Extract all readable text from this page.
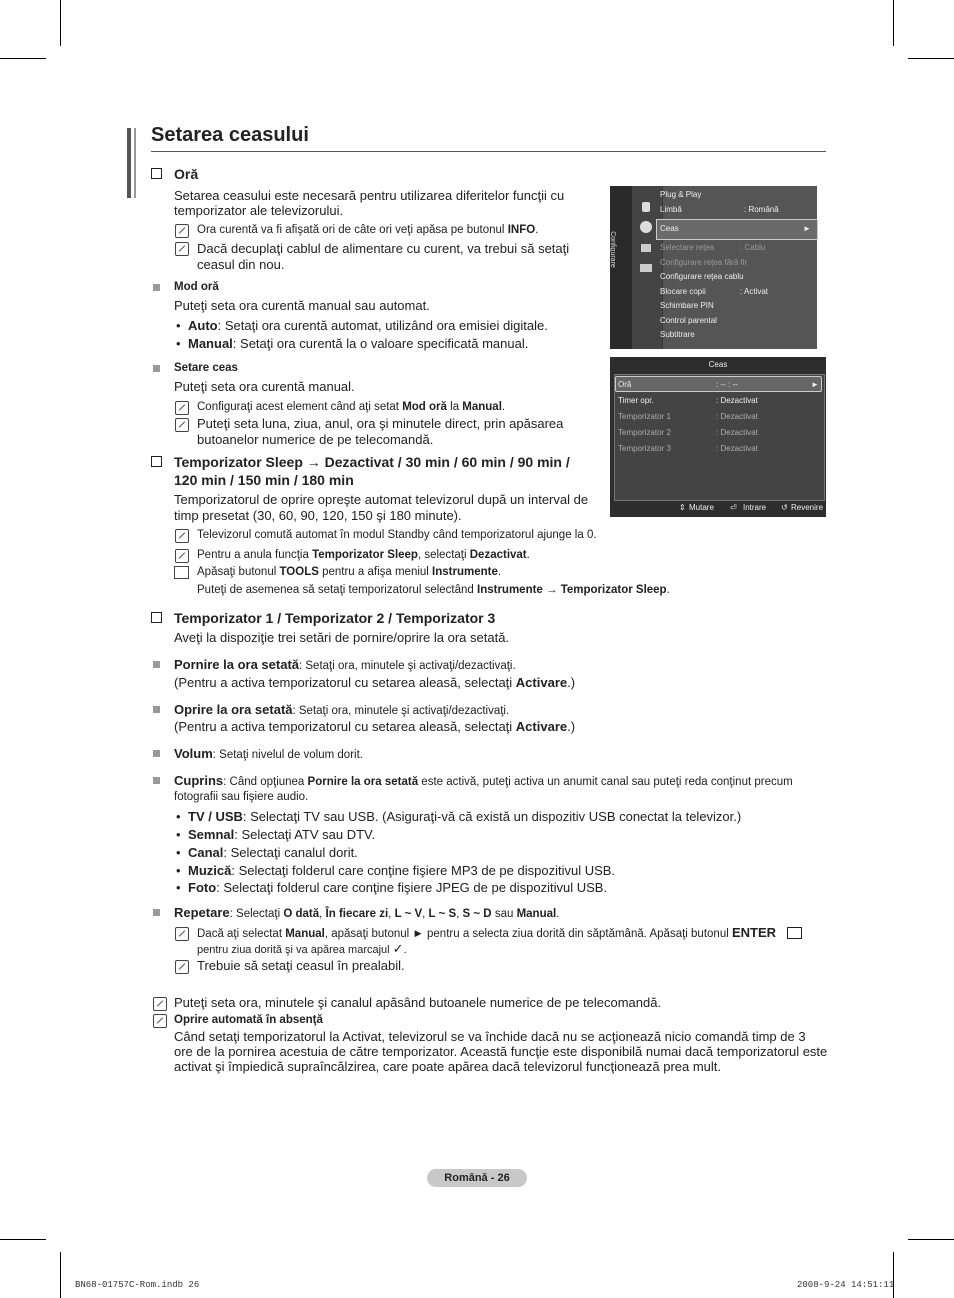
Setarea ceasului
Oră
Setarea ceasului este necesară pentru utilizarea diferitelor funcţii cu
temporizator ale televizorului.
Ora curentă va fi afişată ori de câte ori veţi apăsa pe butonul INFO.
Dacă decuplaţi cablul de alimentare cu curent, va trebui să setaţi
ceasul din nou.
Mod oră
Puteţi seta ora curentă manual sau automat.
• Auto: Setaţi ora curentă automat, utilizând ora emisiei digitale.
• Manual: Setaţi ora curentă la o valoare specificată manual.
Setare ceas
Puteţi seta ora curentă manual.
Configuraţi acest element când aţi setat Mod oră la Manual.
Puteţi seta luna, ziua, anul, ora şi minutele direct, prin apăsarea
butoanelor numerice de pe telecomandă.
Temporizator Sleep → Dezactivat / 30 min / 60 min / 90 min /
120 min / 150 min / 180 min
Temporizatorul de oprire opreşte automat televizorul după un interval de
timp presetat (30, 60, 90, 120, 150 şi 180 minute).
Televizorul comută automat în modul Standby când temporizatorul ajunge la 0.
Pentru a anula funcţia Temporizator Sleep, selectaţi Dezactivat.
Apăsaţi butonul TOOLS pentru a afişa meniul Instrumente.
Puteţi de asemenea să setaţi temporizatorul selectând Instrumente → Temporizator Sleep.
Temporizator 1 / Temporizator 2 / Temporizator 3
Aveţi la dispoziţie trei setări de pornire/oprire la ora setată.
Pornire la ora setată: Setaţi ora, minutele şi activaţi/dezactivaţi.
(Pentru a activa temporizatorul cu setarea aleasă, selectaţi Activare.)
Oprire la ora setată: Setaţi ora, minutele şi activaţi/dezactivaţi.
(Pentru a activa temporizatorul cu setarea aleasă, selectaţi Activare.)
Volum: Setaţi nivelul de volum dorit.
Cuprins: Când opţiunea Pornire la ora setată este activă, puteţi activa un anumit canal sau puteţi reda conţinut precum
fotografii sau fişiere audio.
• TV / USB: Selectaţi TV sau USB. (Asiguraţi-vă că există un dispozitiv USB conectat la televizor.)
• Semnal: Selectaţi ATV sau DTV.
• Canal: Selectaţi canalul dorit.
• Muzică: Selectaţi folderul care conţine fişiere MP3 de pe dispozitivul USB.
• Foto: Selectaţi folderul care conţine fişiere JPEG de pe dispozitivul USB.
Repetare: Selectaţi O dată, În fiecare zi, L ~ V, L ~ S, S ~ D sau Manual.
Dacă aţi selectat Manual, apăsaţi butonul ► pentru a selecta ziua dorită din săptămână. Apăsaţi butonul ENTER
pentru ziua dorită şi va apărea marcajul ✓.
Trebuie să setaţi ceasul în prealabil.
Puteţi seta ora, minutele şi canalul apăsând butoanele numerice de pe telecomandă.
Oprire automată în absenţă
Când setaţi temporizatorul la Activat, televizorul se va închide dacă nu se acţionează nicio comandă timp de 3
ore de la pornirea acestuia de către temporizator. Această funcţie este disponibilă numai dacă temporizatorul este
activat şi împiedică supraîncălzirea, care poate apărea dacă televizorul funcţionează prea mult.
Configurare
Plug & Play
Limbă	: Română
Ceas	►
Selectare reţea	: Cablu
Configurare reţea fără fir
Configurare reţea cablu
Blocare copii	: Activat
Schimbare PIN
Control parental
Subtitrare
Ceas
Oră	: -- : --	►
Timer opr.	: Dezactivat
Temporizator 1	: Dezactivat
Temporizator 2	: Dezactivat
Temporizator 3	: Dezactivat
⇕ Mutare ⏎ Intrare ↺ Revenire
Română - 26
BN68-01757C-Rom.indb 26	2008-9-24 14:51:11
